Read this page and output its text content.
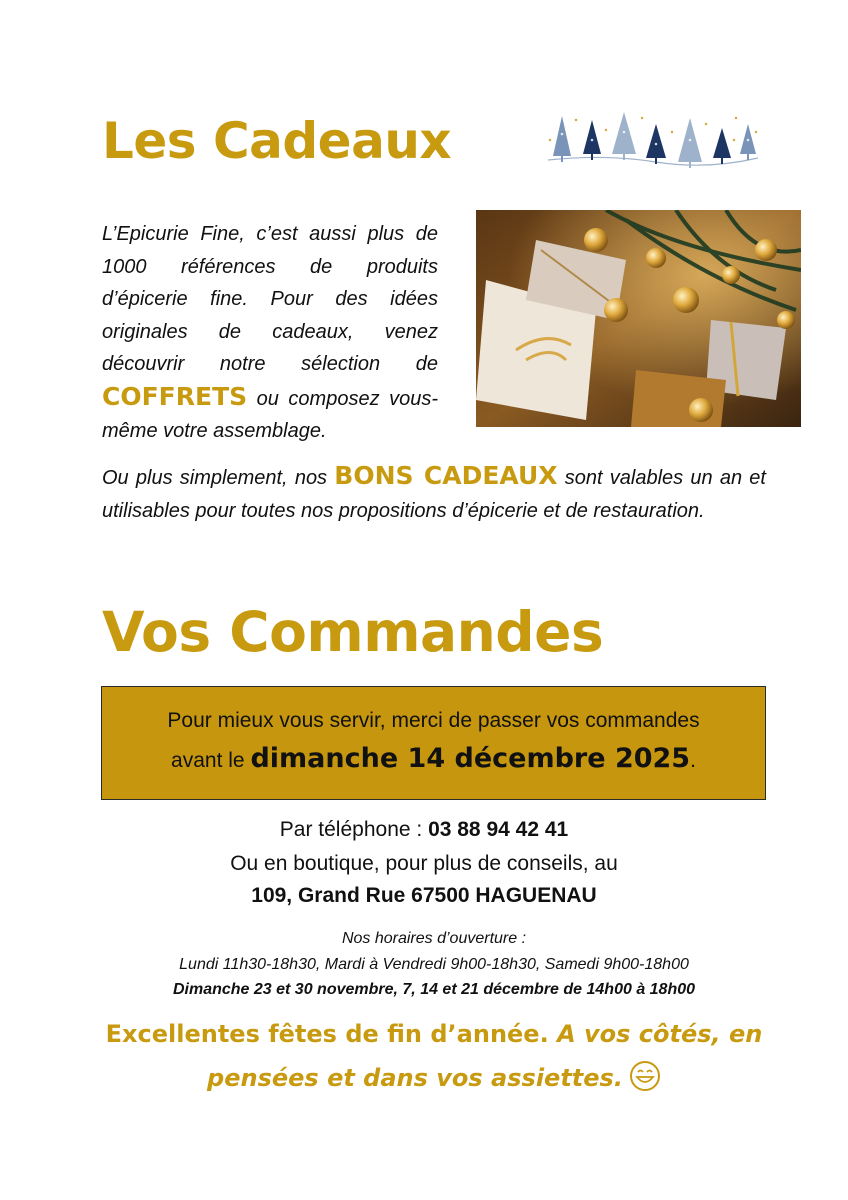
Les Cadeaux

L’Epicurie Fine, c’est aussi plus de 1000 références de produits d’épicerie fine. Pour des idées originales de cadeaux, venez découvrir notre sélection de COFFRETS ou composez vous-même votre assemblage.

Ou plus simplement, nos BONS CADEAUX sont valables un an et utilisables pour toutes nos propositions d’épicerie et de restauration.

Vos Commandes
Pour mieux vous servir, merci de passer vos commandes
avant le dimanche 14 décembre 2025.

Par téléphone : 03 88 94 42 41

Ou en boutique, pour plus de conseils, au

109, Grand Rue 67500 HAGUENAU

Nos horaires d’ouverture :

Lundi 11h30-18h30, Mardi à Vendredi 9h00-18h30, Samedi 9h00-18h00

Dimanche 23 et 30 novembre, 7, 14 et 21 décembre de 14h00 à 18h00

Excellentes fêtes de fin d’année. A vos côtés, en

pensées et dans vos assiettes.
